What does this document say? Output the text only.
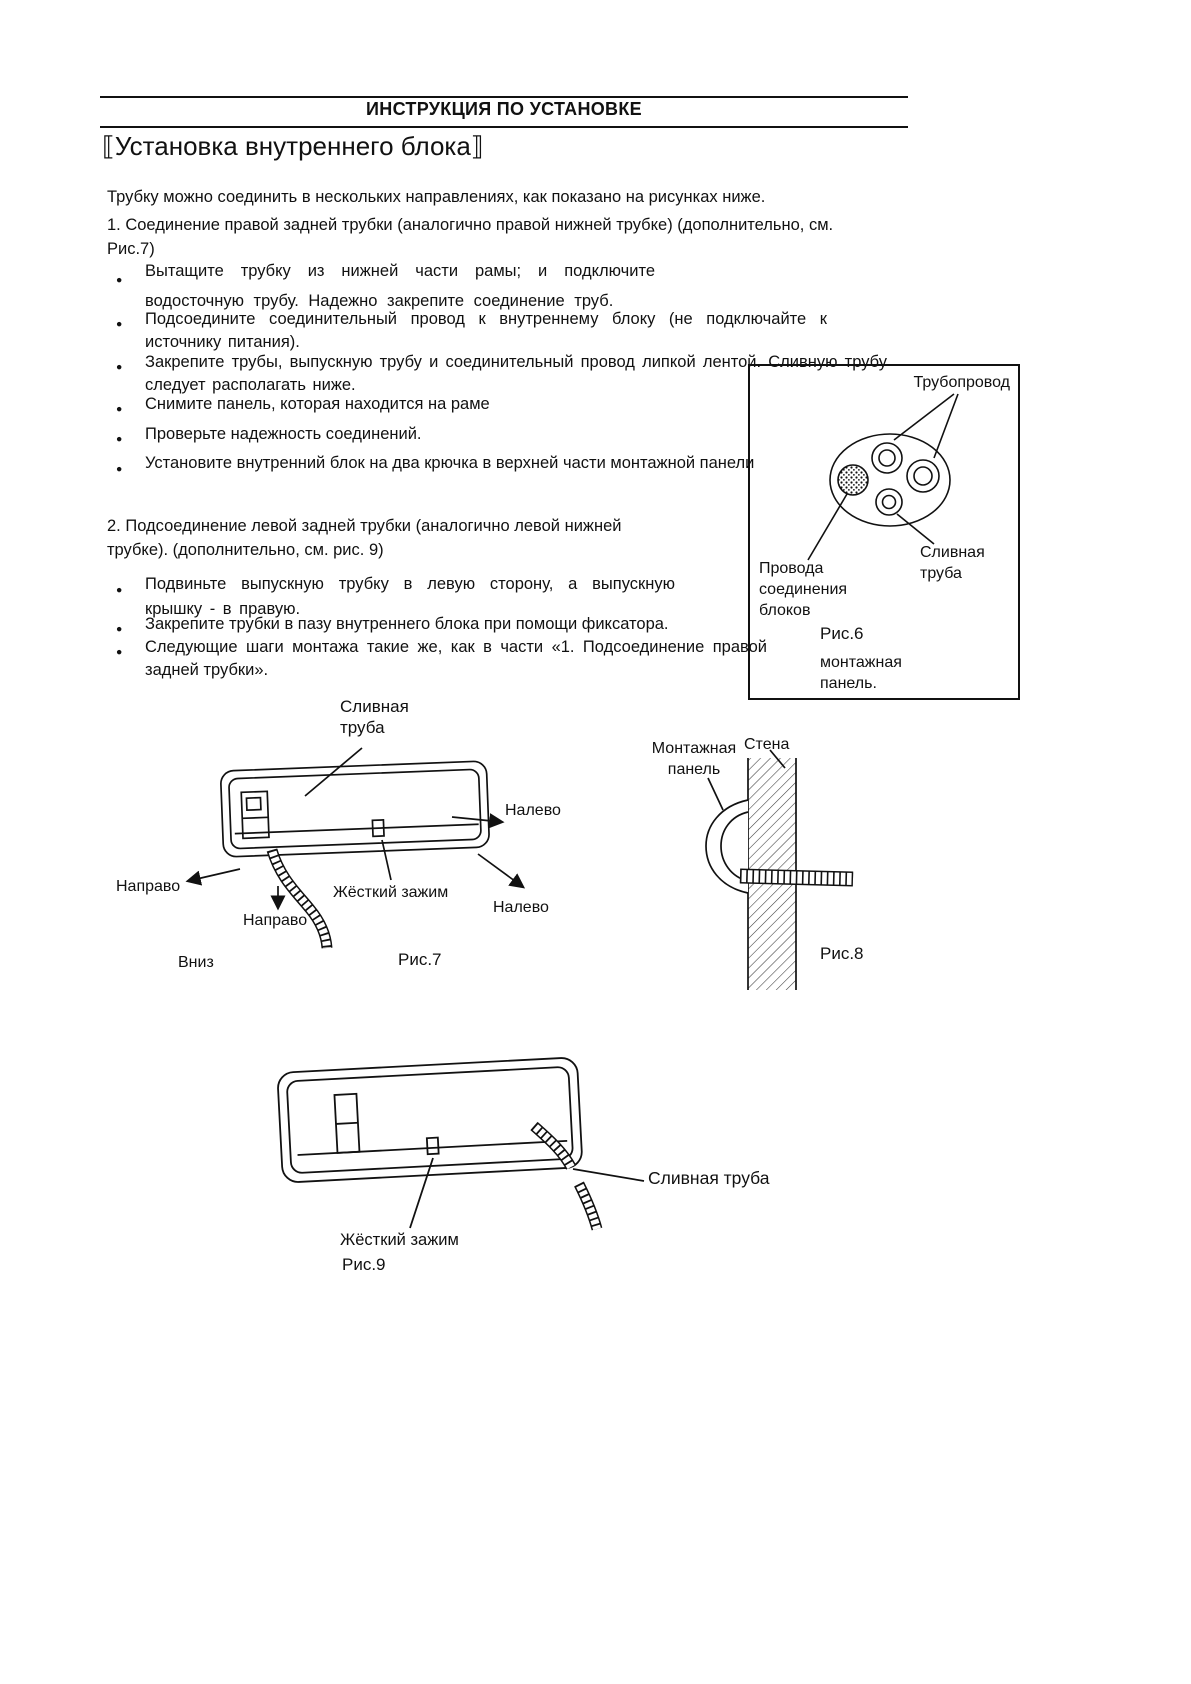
ИНСТРУКЦИЯ ПО УСТАНОВКЕ
⟦Установка внутреннего блока⟧

Трубку можно соединить в нескольких направлениях, как показано на рисунках ниже.

1. Соединение правой задней трубки (аналогично правой нижней трубке) (дополнительно, см. Рис.7)

● Вытащите трубку из нижней части рамы; и подключите водосточную трубу. Надежно закрепите соединение труб.
● Подсоедините соединительный провод к внутреннему блоку (не подключайте к источнику питания).
● Закрепите трубы, выпускную трубу и соединительный провод липкой лентой. Сливную трубу следует располагать ниже.
● Снимите панель, которая находится на раме
● Проверьте надежность соединений.
● Установите внутренний блок на два крючка в верхней части монтажной панели

2. Подсоединение левой задней трубки (аналогично левой нижней трубке). (дополнительно, см. рис. 9)

● Подвиньте выпускную трубку в левую сторону, а выпускную крышку - в правую.
● Закрепите трубки в пазу внутреннего блока при помощи фиксатора.
● Следующие шаги монтажа такие же, как в части «1. Подсоединение правой задней трубки».
Трубопровод
Сливная труба
Провода соединения блоков
Рис.6
монтажная панель.
Сливная труба
Налево
Направо	Жёсткий зажим
Налево
Направо
Вниз	Рис.7
Монтажная панель
Стена
Рис.8
Сливная труба
Жёсткий зажим
Рис.9
